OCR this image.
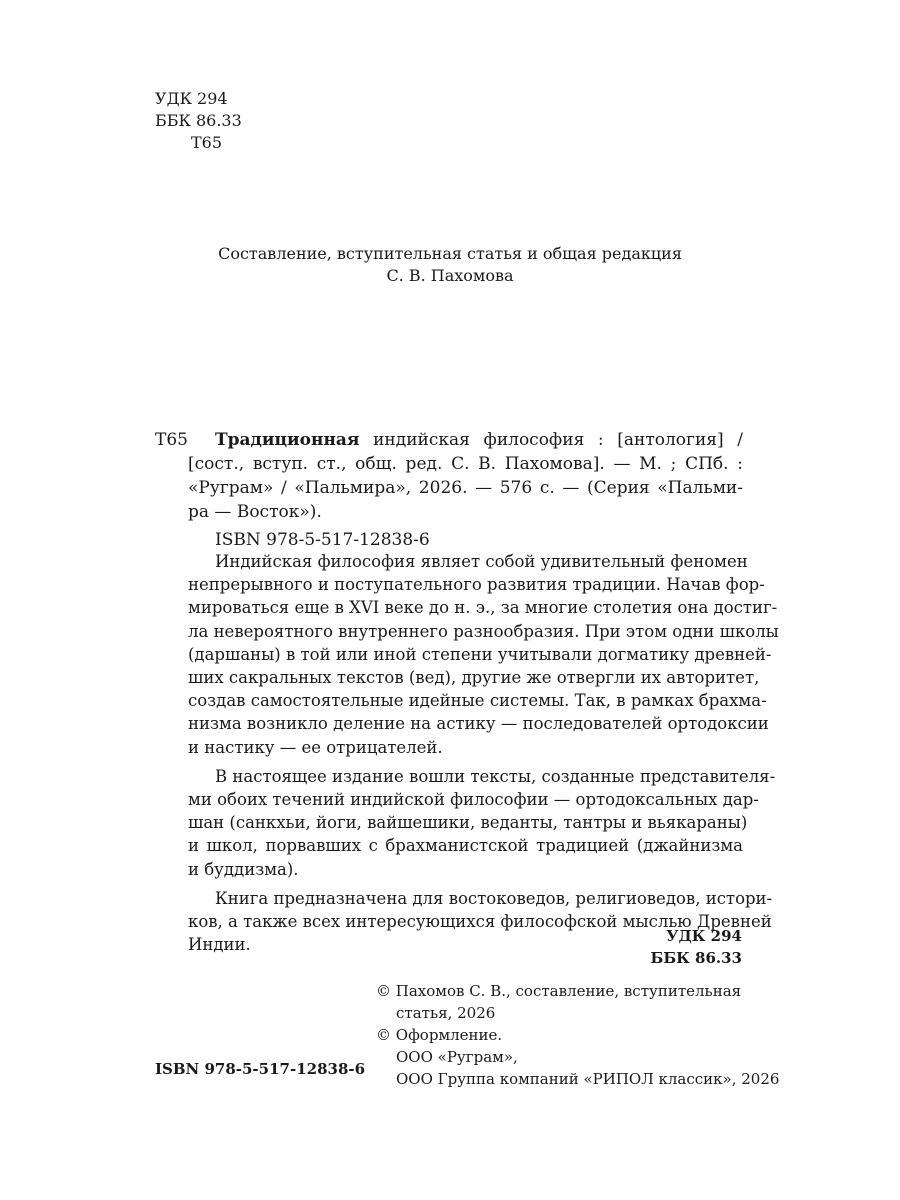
УДК 294
ББК 86.33
Т65
Составление, вступительная статья и общая редакция
С. В. Пахомова
Т65 Традиционная индийская философия : [антология] /
[сост., вступ. ст., общ. ред. С. В. Пахомова]. — М. ; СПб. :
«Руграм» / «Пальмира», 2026. — 576 с. — (Серия «Пальми-
ра — Восток»).
ISBN 978-5-517-12838-6
Индийская философия являет собой удивительный феномен
непрерывного и поступательного развития традиции. Начав фор-
мироваться еще в XVI веке до н. э., за многие столетия она достиг-
ла невероятного внутреннего разнообразия. При этом одни школы
(даршаны) в той или иной степени учитывали догматику древней-
ших сакральных текстов (вед), другие же отвергли их авторитет,
создав самостоятельные идейные системы. Так, в рамках брахма-
низма возникло деление на астику — последователей ортодоксии
и настику — ее отрицателей.
В настоящее издание вошли тексты, созданные представителя-
ми обоих течений индийской философии — ортодоксальных дар-
шан (санкхьи, йоги, вайшешики, веданты, тантры и вьякараны)
и школ, порвавших с брахманистской традицией (джайнизма
и буддизма).
Книга предназначена для востоковедов, религиоведов, истори-
ков, а также всех интересующихся философской мыслью Древней
Индии.	УДК 294
ББК 86.33
© Пахомов С. В., составление, вступительная
статья, 2026
© Оформление.
ООО «Руграм»,
ООО Группа компаний «РИПОЛ классик», 2026
ISBN 978-5-517-12838-6
